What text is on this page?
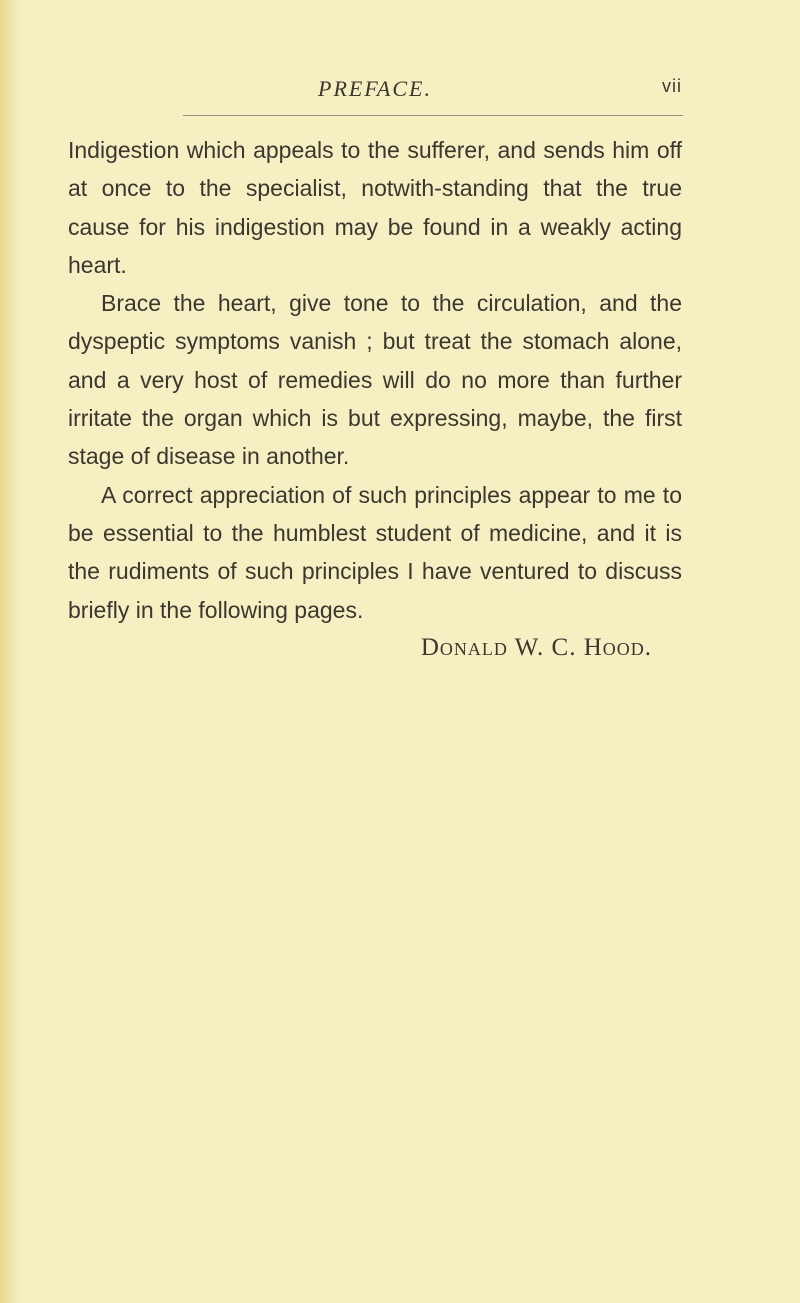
PREFACE.	vii

Indigestion which appeals to the sufferer, and sends him off at once to the specialist, notwith-standing that the true cause for his indigestion may be found in a weakly acting heart.

Brace the heart, give tone to the circulation, and the dyspeptic symptoms vanish ; but treat the stomach alone, and a very host of remedies will do no more than further irritate the organ which is but expressing, maybe, the first stage of disease in another.

A correct appreciation of such principles appear to me to be essential to the humblest student of medicine, and it is the rudiments of such principles I have ventured to discuss briefly in the following pages.

Donald W. C. Hood.
